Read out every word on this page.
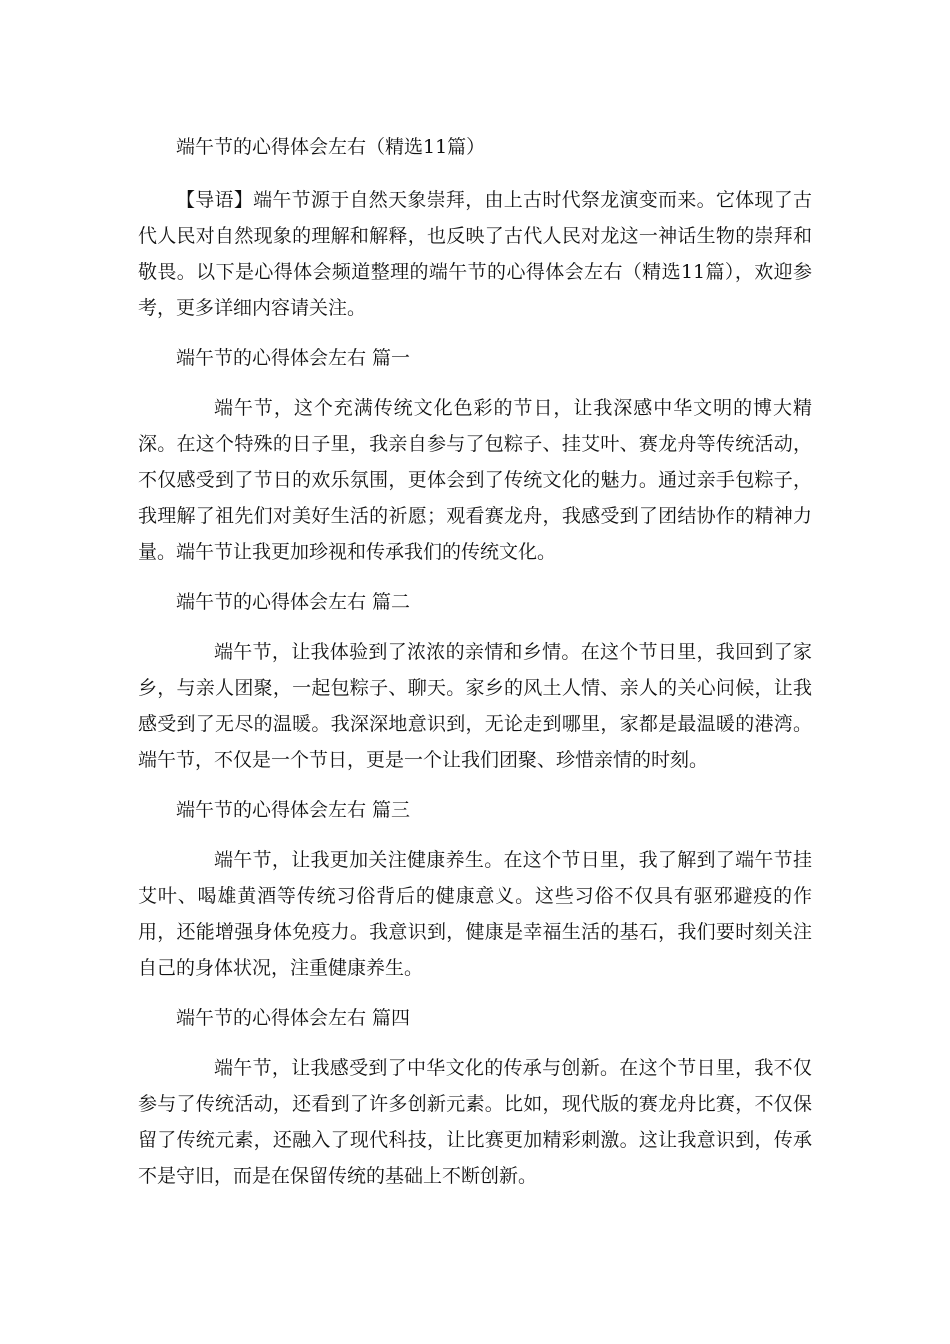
端午节的心得体会左右（精选11篇）

【导语】端午节源于自然天象崇拜，由上古时代祭龙演变而来。它体现了古代人民对自然现象的理解和解释，也反映了古代人民对龙这一神话生物的崇拜和敬畏。以下是心得体会频道整理的端午节的心得体会左右（精选11篇），欢迎参考，更多详细内容请关注。

端午节的心得体会左右 篇一

端午节，这个充满传统文化色彩的节日，让我深感中华文明的博大精深。在这个特殊的日子里，我亲自参与了包粽子、挂艾叶、赛龙舟等传统活动，不仅感受到了节日的欢乐氛围，更体会到了传统文化的魅力。通过亲手包粽子，我理解了祖先们对美好生活的祈愿；观看赛龙舟，我感受到了团结协作的精神力量。端午节让我更加珍视和传承我们的传统文化。

端午节的心得体会左右 篇二

端午节，让我体验到了浓浓的亲情和乡情。在这个节日里，我回到了家乡，与亲人团聚，一起包粽子、聊天。家乡的风土人情、亲人的关心问候，让我感受到了无尽的温暖。我深深地意识到，无论走到哪里，家都是最温暖的港湾。端午节，不仅是一个节日，更是一个让我们团聚、珍惜亲情的时刻。

端午节的心得体会左右 篇三

端午节，让我更加关注健康养生。在这个节日里，我了解到了端午节挂艾叶、喝雄黄酒等传统习俗背后的健康意义。这些习俗不仅具有驱邪避疫的作用，还能增强身体免疫力。我意识到，健康是幸福生活的基石，我们要时刻关注自己的身体状况，注重健康养生。

端午节的心得体会左右 篇四

端午节，让我感受到了中华文化的传承与创新。在这个节日里，我不仅参与了传统活动，还看到了许多创新元素。比如，现代版的赛龙舟比赛，不仅保留了传统元素，还融入了现代科技，让比赛更加精彩刺激。这让我意识到，传承不是守旧，而是在保留传统的基础上不断创新。
